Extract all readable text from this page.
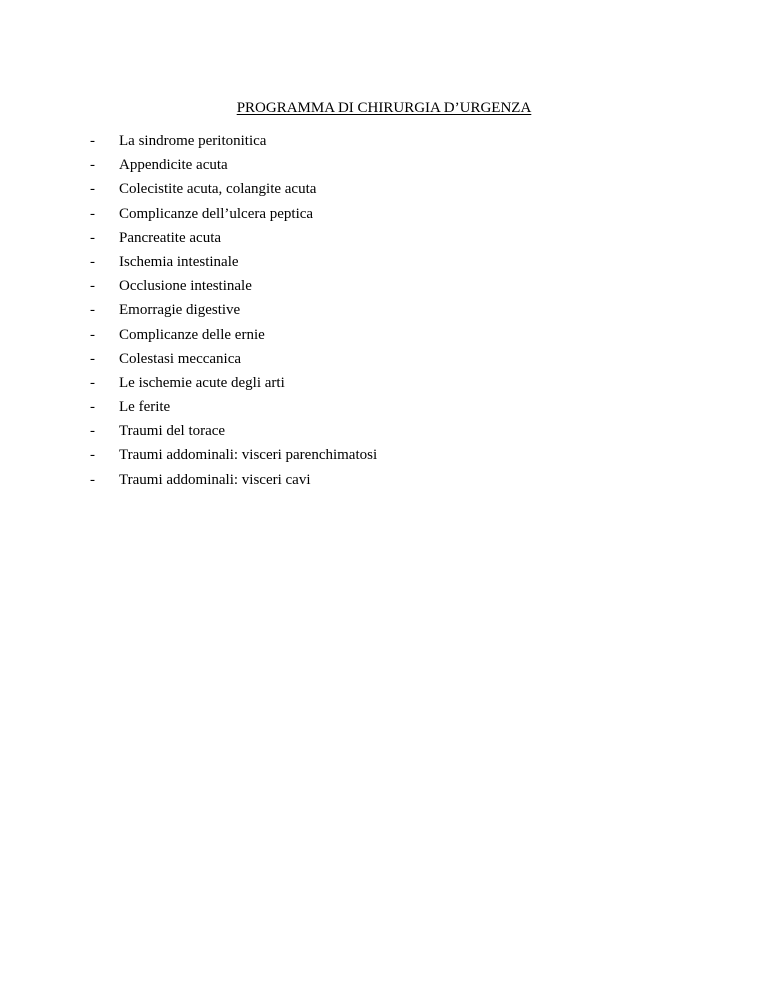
PROGRAMMA DI CHIRURGIA D’URGENZA
-	La sindrome peritonitica
-	Appendicite acuta
-	Colecistite acuta, colangite acuta
-	Complicanze dell’ulcera peptica
-	Pancreatite acuta
-	Ischemia intestinale
-	Occlusione intestinale
-	Emorragie digestive
-	Complicanze delle ernie
-	Colestasi meccanica
-	Le ischemie acute degli arti
-	Le ferite
-	Traumi del torace
-	Traumi addominali: visceri parenchimatosi
-	Traumi addominali: visceri cavi
